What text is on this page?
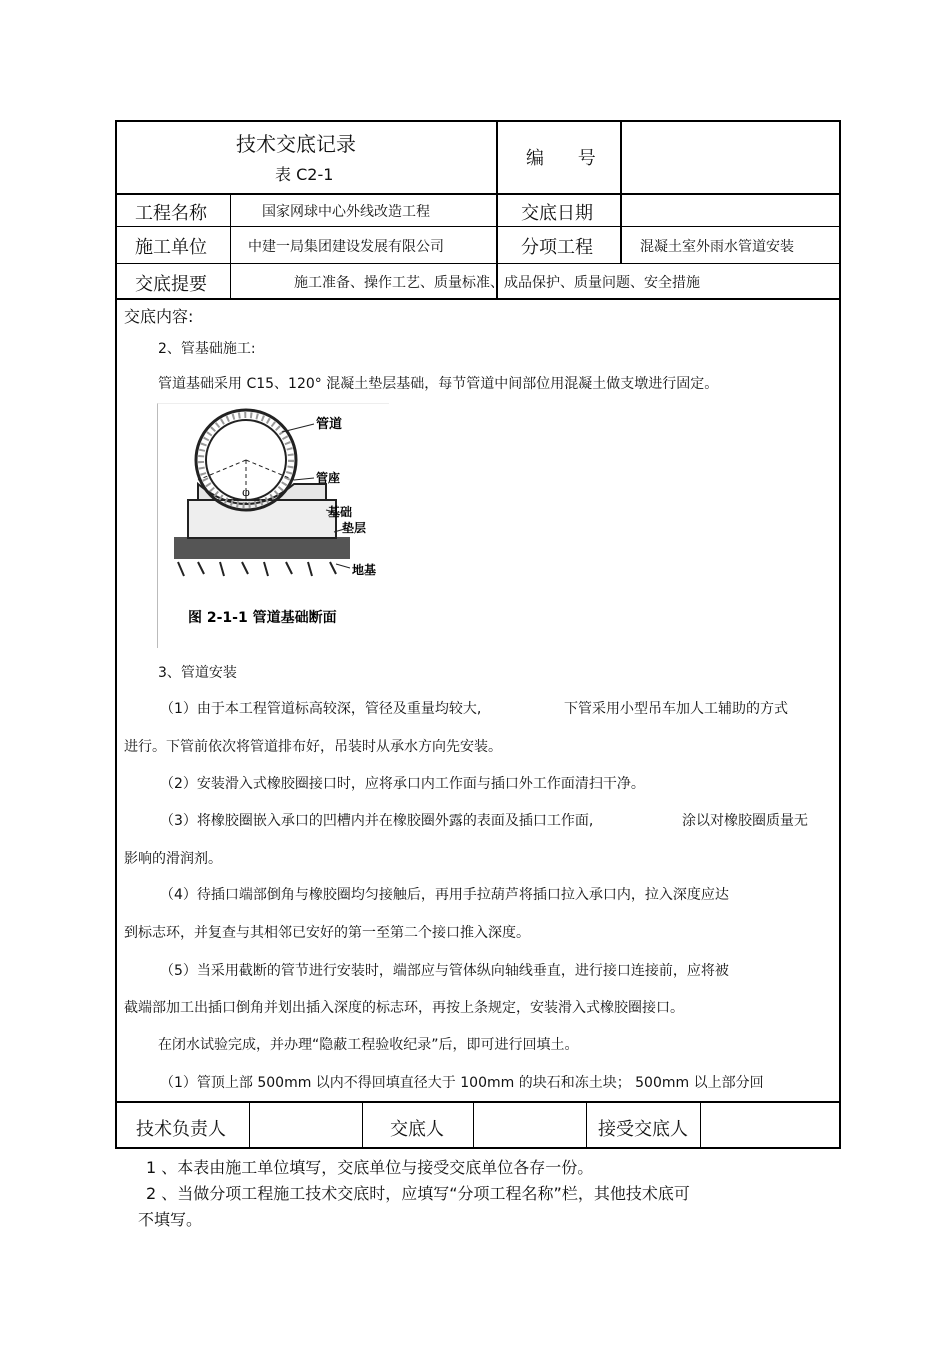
技术交底记录
表 C2-1
编 号
工程名称	国家网球中心外线改造工程	交底日期
施工单位	中建一局集团建设发展有限公司	分项工程	混凝土室外雨水管道安装
交底提要	施工准备、操作工艺、质量标准、成品保护、质量问题、安全措施
交底内容:
2、管基础施工:
管道基础采用 C15、120° 混凝土垫层基础，每节管道中间部位用混凝土做支墩进行固定。
φ
管道
管座
基础
垫层
地基
图 2-1-1 管道基础断面
3、管道安装
（1）由于本工程管道标高较深，管径及重量均较大,	下管采用小型吊车加人工辅助的方式
进行。下管前依次将管道排布好，吊装时从承水方向先安装。
（2）安装滑入式橡胶圈接口时，应将承口内工作面与插口外工作面清扫干净。
（3）将橡胶圈嵌入承口的凹槽内并在橡胶圈外露的表面及插口工作面,	涂以对橡胶圈质量无
影响的滑润剂。
（4）待插口端部倒角与橡胶圈均匀接触后，再用手拉葫芦将插口拉入承口内，拉入深度应达
到标志环，并复查与其相邻已安好的第一至第二个接口推入深度。
（5）当采用截断的管节进行安装时，端部应与管体纵向轴线垂直，进行接口连接前，应将被
截端部加工出插口倒角并划出插入深度的标志环，再按上条规定，安装滑入式橡胶圈接口。
在闭水试验完成，并办理“隐蔽工程验收纪录”后，即可进行回填土。
（1）管顶上部 500mm 以内不得回填直径大于 100mm 的块石和冻土块； 500mm 以上部分回
技术负责人	交底人	接受交底人
1 、本表由施工单位填写，交底单位与接受交底单位各存一份。
2 、当做分项工程施工技术交底时，应填写“分项工程名称”栏，其他技术底可
不填写。
